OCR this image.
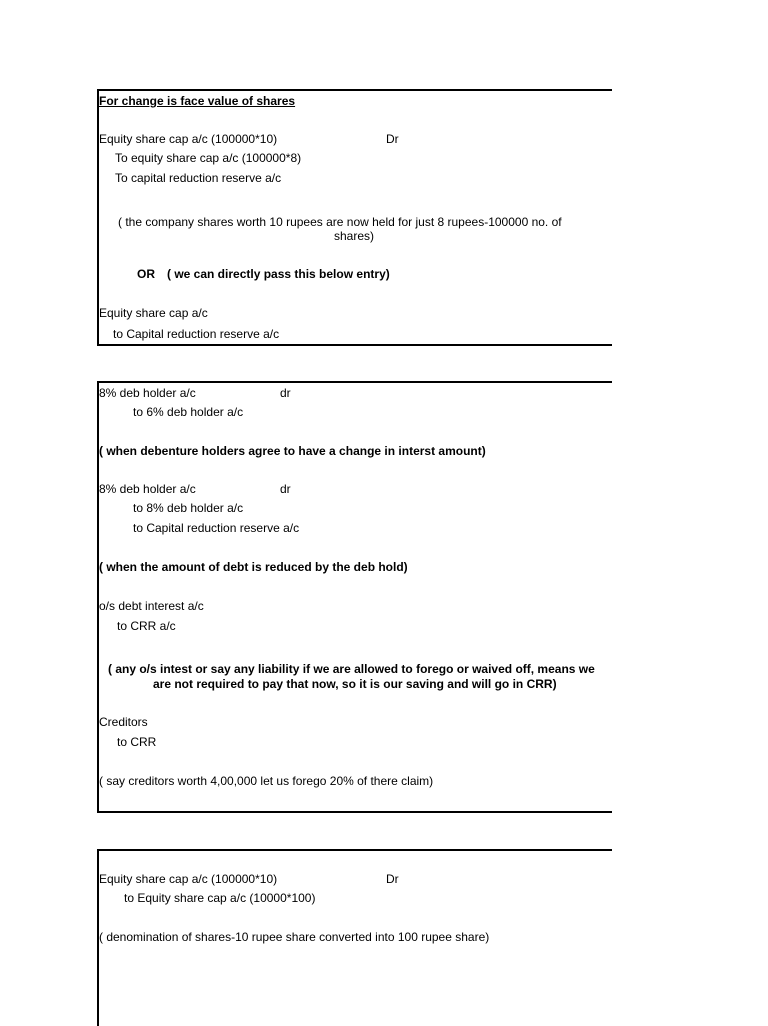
For change is face value of shares
Equity share cap a/c (100000*10)	Dr
To equity share cap a/c (100000*8)
To capital reduction reserve a/c
( the company shares worth 10 rupees are now held for just 8 rupees-100000 no. of
shares)
OR ( we can directly pass this below entry)
Equity share cap a/c
to Capital reduction reserve a/c
8% deb holder a/c	dr
to 6% deb holder a/c
( when debenture holders agree to have a change in interst amount)
8% deb holder a/c	dr
to 8% deb holder a/c
to Capital reduction reserve a/c
( when the amount of debt is reduced by the deb hold)
o/s debt interest a/c
to CRR a/c
( any o/s intest or say any liability if we are allowed to forego or waived off, means we
are not required to pay that now, so it is our saving and will go in CRR)
Creditors
to CRR
( say creditors worth 4,00,000 let us forego 20% of there claim)
Equity share cap a/c (100000*10)	Dr
to Equity share cap a/c (10000*100)
( denomination of shares-10 rupee share converted into 100 rupee share)
